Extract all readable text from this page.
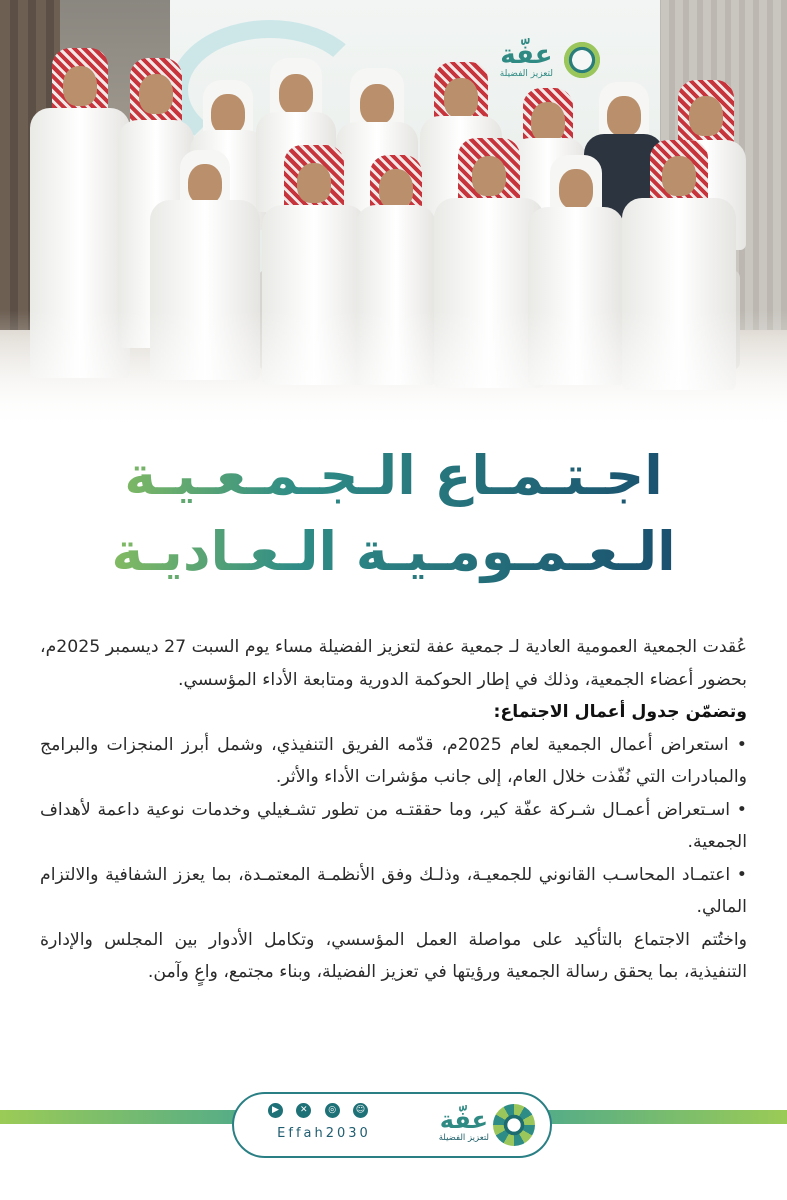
عفّة
لتعزيز الفضيلة
اجـتـمـاع الـجـمـعـيـة
الـعـمـومـيـة الـعـاديـة

عُقدت الجمعية العمومية العادية لـ جمعية عفة لتعزيز الفضيلة مساء يوم السبت 27 ديسمبر 2025م، بحضور أعضاء الجمعية، وذلك في إطار الحوكمة الدورية ومتابعة الأداء المؤسسي.

وتضمّن جدول أعمال الاجتماع:

• استعراض أعمال الجمعية لعام 2025م، قدّمه الفريق التنفيذي، وشمل أبرز المنجزات والبرامج والمبادرات التي نُفّذت خلال العام، إلى جانب مؤشرات الأداء والأثر.

• اسـتعراض أعمـال شـركة عفّة كير، وما حققتـه من تطور تشـغيلي وخدمات نوعية داعمة لأهداف الجمعية.

• اعتمـاد المحاسـب القانوني للجمعيـة، وذلـك وفق الأنظمـة المعتمـدة، بما يعزز الشفافية والالتزام المالي.

واختُتم الاجتماع بالتأكيد على مواصلة العمل المؤسسي، وتكامل الأدوار بين المجلس والإدارة التنفيذية، بما يحقق رسالة الجمعية ورؤيتها في تعزيز الفضيلة، وبناء مجتمع، واعٍ وآمن.

عفّة
لتعزيز الفضيلة
▶	✕	◎	☺
Effah2030
